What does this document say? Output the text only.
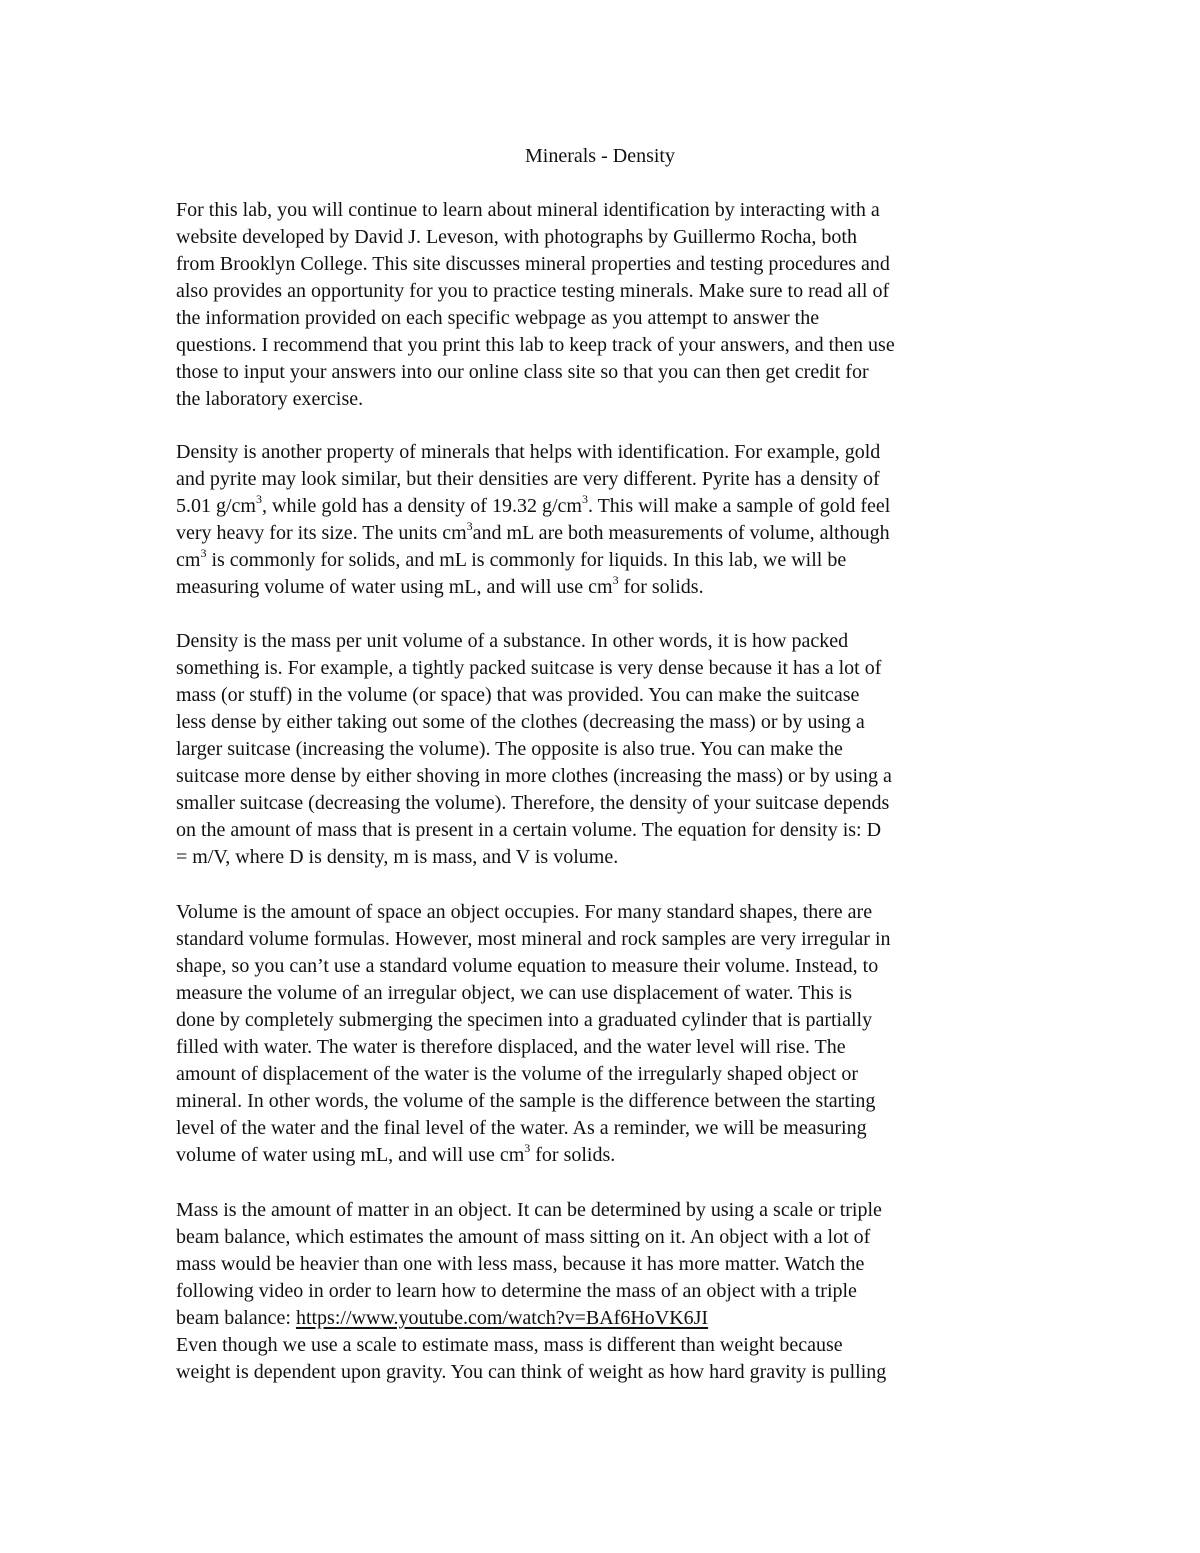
Minerals - Density
For this lab, you will continue to learn about mineral identification by interacting with a
website developed by David J. Leveson, with photographs by Guillermo Rocha, both
from Brooklyn College. This site discusses mineral properties and testing procedures and
also provides an opportunity for you to practice testing minerals. Make sure to read all of
the information provided on each specific webpage as you attempt to answer the
questions. I recommend that you print this lab to keep track of your answers, and then use
those to input your answers into our online class site so that you can then get credit for
the laboratory exercise.
Density is another property of minerals that helps with identification. For example, gold
and pyrite may look similar, but their densities are very different. Pyrite has a density of
5.01 $g/cm^3$, while gold has a density of 19.32 $g/cm^3$. This will make a sample of gold feel
very heavy for its size. The units $cm^3and$ mL are both measurements of volume, although
$cm^3$ is commonly for solids, and mL is commonly for liquids. In this lab, we will be
measuring volume of water using mL, and will use $cm^3$ for solids.
Density is the mass per unit volume of a substance. In other words, it is how packed
something is. For example, a tightly packed suitcase is very dense because it has a lot of
mass (or stuff) in the volume (or space) that was provided. You can make the suitcase
less dense by either taking out some of the clothes (decreasing the mass) or by using a
larger suitcase (increasing the volume). The opposite is also true. You can make the
suitcase more dense by either shoving in more clothes (increasing the mass) or by using a
smaller suitcase (decreasing the volume). Therefore, the density of your suitcase depends
on the amount of mass that is present in a certain volume. The equation for density is: D
= m/V, where D is density, m is mass, and V is volume.
Volume is the amount of space an object occupies. For many standard shapes, there are
standard volume formulas. However, most mineral and rock samples are very irregular in
shape, so you can’t use a standard volume equation to measure their volume. Instead, to
measure the volume of an irregular object, we can use displacement of water. This is
done by completely submerging the specimen into a graduated cylinder that is partially
filled with water. The water is therefore displaced, and the water level will rise. The
amount of displacement of the water is the volume of the irregularly shaped object or
mineral. In other words, the volume of the sample is the difference between the starting
level of the water and the final level of the water. As a reminder, we will be measuring
volume of water using mL, and will use $cm^3$ for solids.
Mass is the amount of matter in an object. It can be determined by using a scale or triple
beam balance, which estimates the amount of mass sitting on it. An object with a lot of
mass would be heavier than one with less mass, because it has more matter. Watch the
following video in order to learn how to determine the mass of an object with a triple
beam balance: https://www.youtube.com/watch?v=BAf6HoVK6JI
Even though we use a scale to estimate mass, mass is different than weight because
weight is dependent upon gravity. You can think of weight as how hard gravity is pulling
